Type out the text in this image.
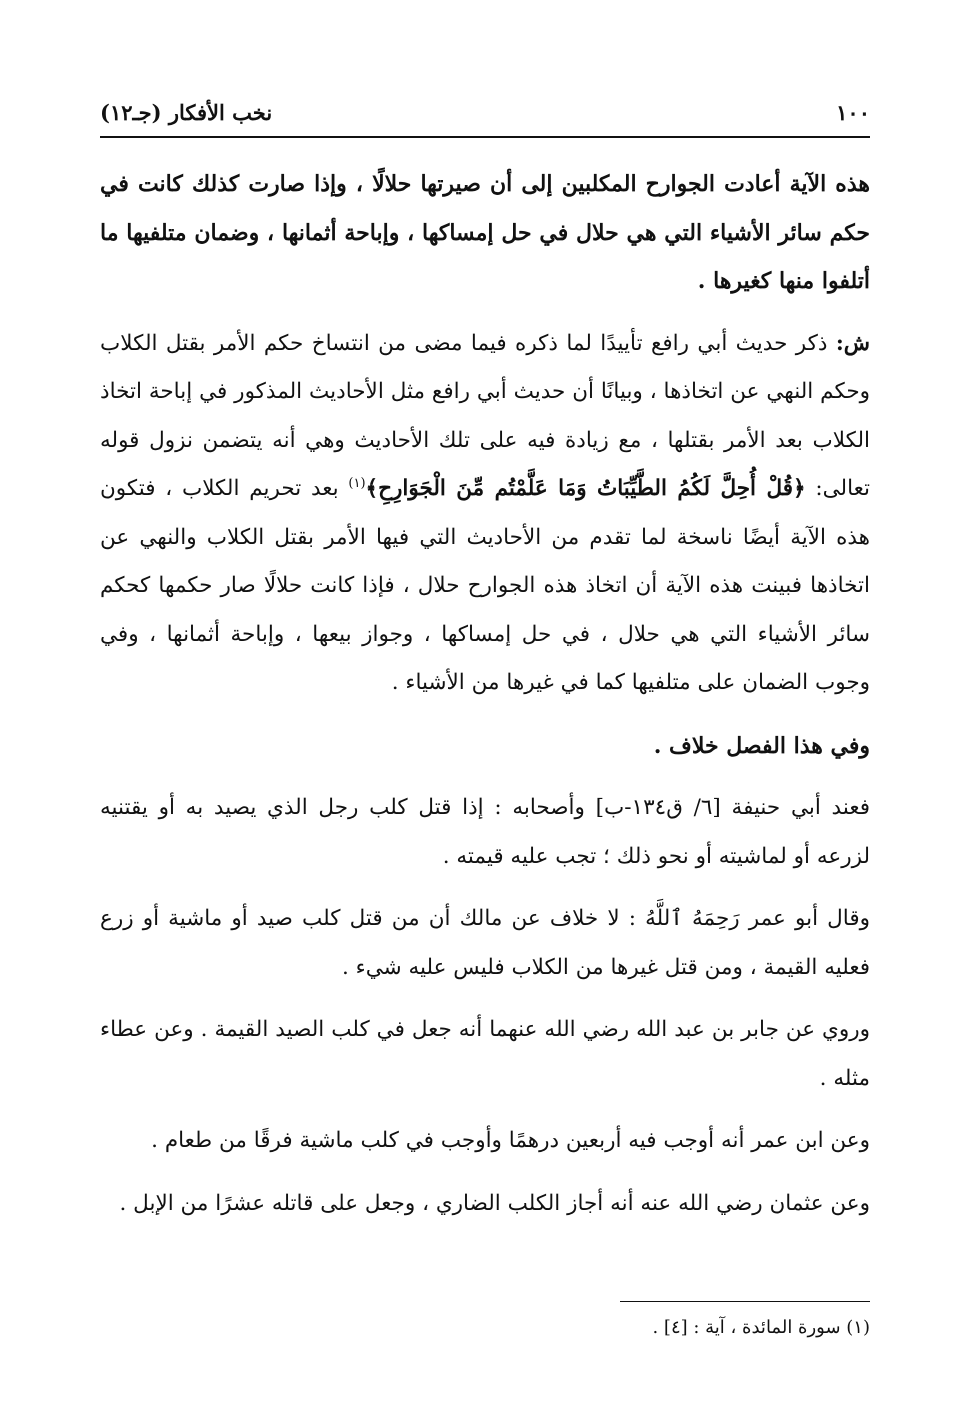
١٠٠
نخب الأفكار (جـ١٢)

هذه الآية أعادت الجوارح المكلبين إلى أن صيرتها حلالًا ، وإذا صارت كذلك كانت في حكم سائر الأشياء التي هي حلال في حل إمساكها ، وإباحة أثمانها ، وضمان متلفيها ما أتلفوا منها كغيرها .

ش: ذكر حديث أبي رافع تأييدًا لما ذكره فيما مضى من انتساخ حكم الأمر بقتل الكلاب وحكم النهي عن اتخاذها ، وبيانًا أن حديث أبي رافع مثل الأحاديث المذكور في إباحة اتخاذ الكلاب بعد الأمر بقتلها ، مع زيادة فيه على تلك الأحاديث وهي أنه يتضمن نزول قوله تعالى: ﴿قُلْ أُحِلَّ لَكُمُ الطَّيِّبَاتُ وَمَا عَلَّمْتُم مِّنَ الْجَوَارِحِ﴾$^{(١)}$ بعد تحريم الكلاب ، فتكون هذه الآية أيضًا ناسخة لما تقدم من الأحاديث التي فيها الأمر بقتل الكلاب والنهي عن اتخاذها فبينت هذه الآية أن اتخاذ هذه الجوارح حلال ، فإذا كانت حلالًا صار حكمها كحكم سائر الأشياء التي هي حلال ، في حل إمساكها ، وجواز بيعها ، وإباحة أثمانها ، وفي وجوب الضمان على متلفيها كما في غيرها من الأشياء .

وفي هذا الفصل خلاف .

فعند أبي حنيفة [٦/ ق١٣٤-ب] وأصحابه : إذا قتل كلب رجل الذي يصيد به أو يقتنيه لزرعه أو لماشيته أو نحو ذلك ؛ تجب عليه قيمته .

وقال أبو عمر رَحِمَهُ ٱللَّهُ : لا خلاف عن مالك أن من قتل كلب صيد أو ماشية أو زرع فعليه القيمة ، ومن قتل غيرها من الكلاب فليس عليه شيء .

وروي عن جابر بن عبد الله رضي الله عنهما أنه جعل في كلب الصيد القيمة . وعن عطاء مثله .

وعن ابن عمر أنه أوجب فيه أربعين درهمًا وأوجب في كلب ماشية فرقًا من طعام .

وعن عثمان رضي الله عنه أنه أجاز الكلب الضاري ، وجعل على قاتله عشرًا من الإبل .

(١) سورة المائدة ، آية : [٤] .
